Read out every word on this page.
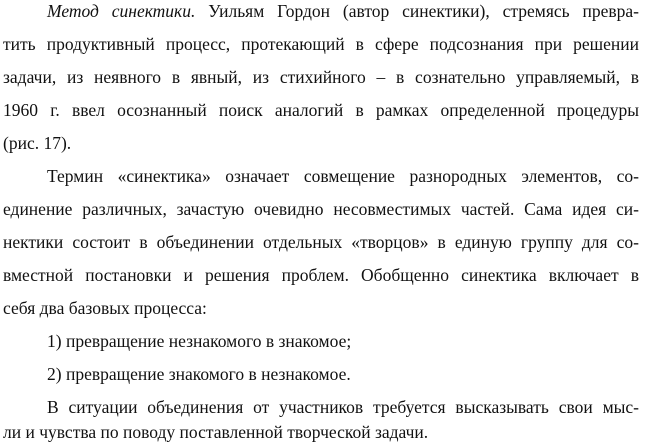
Метод синектики. Уильям Гордон (автор синектики), стремясь превра-
тить продуктивный процесс, протекающий в сфере подсознания при решении
задачи, из неявного в явный, из стихийного – в сознательно управляемый, в
1960 г. ввел осознанный поиск аналогий в рамках определенной процедуры
(рис. 17).
Термин «синектика» означает совмещение разнородных элементов, со-
единение различных, зачастую очевидно несовместимых частей. Сама идея си-
нектики состоит в объединении отдельных «творцов» в единую группу для со-
вместной постановки и решения проблем. Обобщенно синектика включает в
себя два базовых процесса:
1) превращение незнакомого в знакомое;
2) превращение знакомого в незнакомое.
В ситуации объединения от участников требуется высказывать свои мыс-
ли и чувства по поводу поставленной творческой задачи.
